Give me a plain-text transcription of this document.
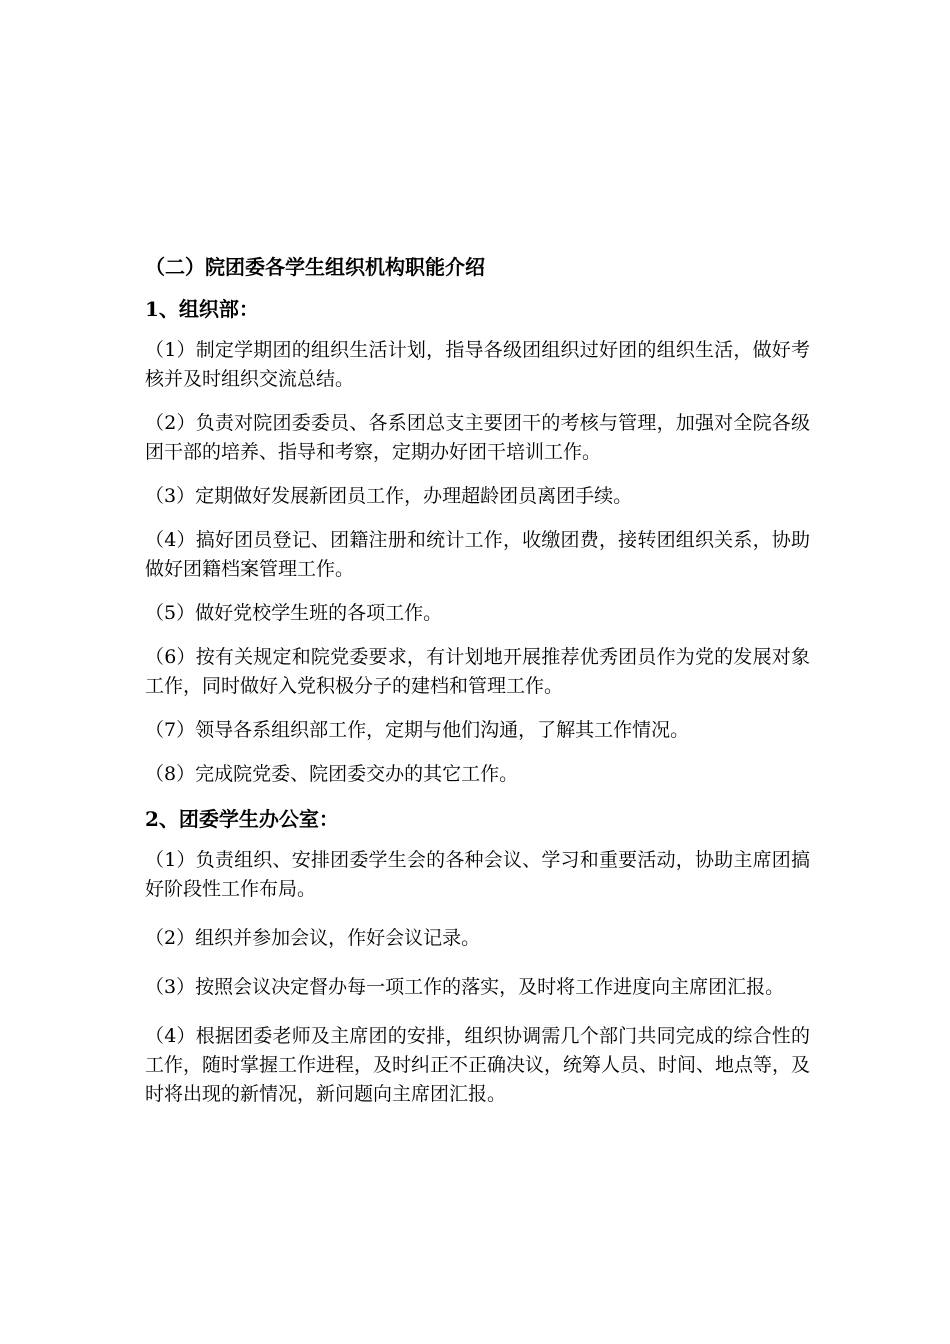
（二）院团委各学生组织机构职能介绍

1、组织部：

（1）制定学期团的组织生活计划，指导各级团组织过好团的组织生活，做好考核并及时组织交流总结。

（2）负责对院团委委员、各系团总支主要团干的考核与管理，加强对全院各级团干部的培养、指导和考察，定期办好团干培训工作。

（3）定期做好发展新团员工作，办理超龄团员离团手续。

（4）搞好团员登记、团籍注册和统计工作，收缴团费，接转团组织关系，协助做好团籍档案管理工作。

（5）做好党校学生班的各项工作。

（6）按有关规定和院党委要求，有计划地开展推荐优秀团员作为党的发展对象工作，同时做好入党积极分子的建档和管理工作。

（7）领导各系组织部工作，定期与他们沟通，了解其工作情况。

（8）完成院党委、院团委交办的其它工作。

2、团委学生办公室：

（1）负责组织、安排团委学生会的各种会议、学习和重要活动，协助主席团搞好阶段性工作布局。

（2）组织并参加会议，作好会议记录。

（3）按照会议决定督办每一项工作的落实，及时将工作进度向主席团汇报。

（4）根据团委老师及主席团的安排，组织协调需几个部门共同完成的综合性的工作，随时掌握工作进程，及时纠正不正确决议，统筹人员、时间、地点等，及时将出现的新情况，新问题向主席团汇报。
